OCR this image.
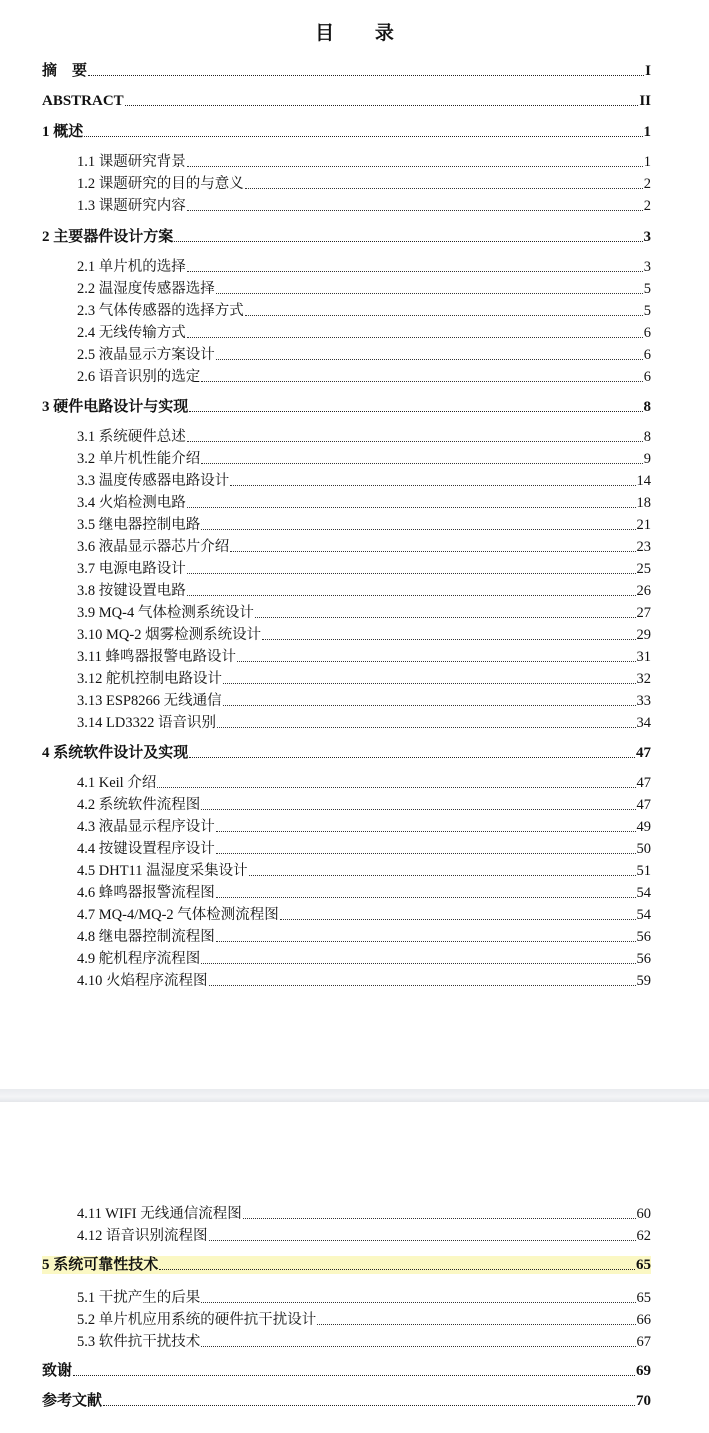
目 录
摘　要	I
ABSTRACT	II
1 概述	1
1.1 课题研究背景	1
1.2 课题研究的目的与意义	2
1.3 课题研究内容	2
2 主要器件设计方案	3
2.1 单片机的选择	3
2.2 温湿度传感器选择	5
2.3 气体传感器的选择方式	5
2.4 无线传输方式	6
2.5 液晶显示方案设计	6
2.6 语音识别的选定	6
3 硬件电路设计与实现	8
3.1 系统硬件总述	8
3.2 单片机性能介绍	9
3.3 温度传感器电路设计	14
3.4 火焰检测电路	18
3.5 继电器控制电路	21
3.6 液晶显示器芯片介绍	23
3.7 电源电路设计	25
3.8 按键设置电路	26
3.9 MQ-4 气体检测系统设计	27
3.10 MQ-2 烟雾检测系统设计	29
3.11 蜂鸣器报警电路设计	31
3.12 舵机控制电路设计	32
3.13 ESP8266 无线通信	33
3.14 LD3322 语音识别	34
4 系统软件设计及实现	47
4.1 Keil 介绍	47
4.2 系统软件流程图	47
4.3 液晶显示程序设计	49
4.4 按键设置程序设计	50
4.5 DHT11 温湿度采集设计	51
4.6 蜂鸣器报警流程图	54
4.7 MQ-4/MQ-2 气体检测流程图	54
4.8 继电器控制流程图	56
4.9 舵机程序流程图	56
4.10 火焰程序流程图	59
4.11 WIFI 无线通信流程图	60
4.12 语音识别流程图	62
5 系统可靠性技术	65
5.1 干扰产生的后果	65
5.2 单片机应用系统的硬件抗干扰设计	66
5.3 软件抗干扰技术	67
致谢	69
参考文献	70
